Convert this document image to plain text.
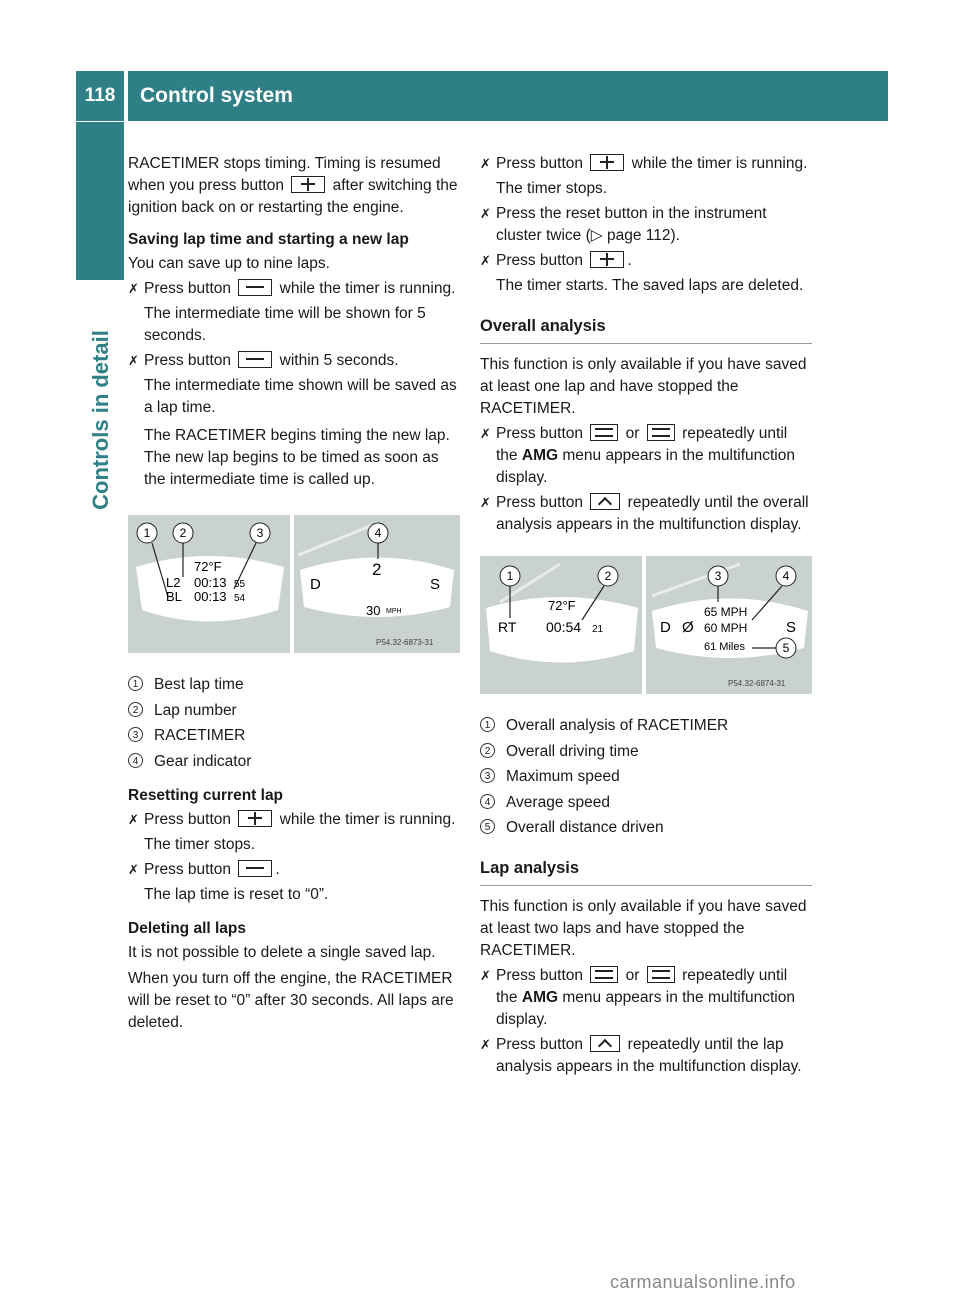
118	Control system
Controls in detail

RACETIMER stops timing. Timing is resumed when you press button	after switching the ignition back on or restarting the engine.

Saving lap time and starting a new lap

You can save up to nine laps.

✗
Press button	while the timer is running.
The intermediate time will be shown for 5 seconds.
✗
Press button	within 5 seconds.
The intermediate time shown will be saved as a lap time.
The RACETIMER begins timing the new lap. The new lap begins to be timed as soon as the intermediate time is called up.
1 2	3	4
72°F
L2
BL
00:13 55
00:13 54
2
D	S
30 MPH
P54.32-6873-31
1	Best lap time
2	Lap number
3	RACETIMER
4	Gear indicator
Resetting current lap
✗
Press button	while the timer is running.
The timer stops.
✗
Press button	.
The lap time is reset to “0”.
Deleting all laps

It is not possible to delete a single saved lap.

When you turn off the engine, the RACETIMER will be reset to “0” after 30 seconds. All laps are deleted.

✗
Press button	while the timer is running.
The timer stops.
✗
Press the reset button in the instrument cluster twice (▷ page 112).
✗
Press button	.
The timer starts. The saved laps are deleted.
Overall analysis

This function is only available if you have saved at least one lap and have stopped the RACETIMER.

✗
Press button	or	repeatedly until the AMG menu appears in the multifunction display.
✗
Press button	repeatedly until the overall analysis appears in the multifunction display.
1	2	3	4
5
72°F
RT 00:54 21	D Ø	S
65 MPH
60 MPH
61 Miles
P54.32-6874-31
1	Overall analysis of RACETIMER
2	Overall driving time
3	Maximum speed
4	Average speed
5	Overall distance driven
Lap analysis

This function is only available if you have saved at least two laps and have stopped the RACETIMER.

✗
Press button	or	repeatedly until the AMG menu appears in the multifunction display.
✗
Press button	repeatedly until the lap analysis appears in the multifunction display.
carmanualsonline.info
